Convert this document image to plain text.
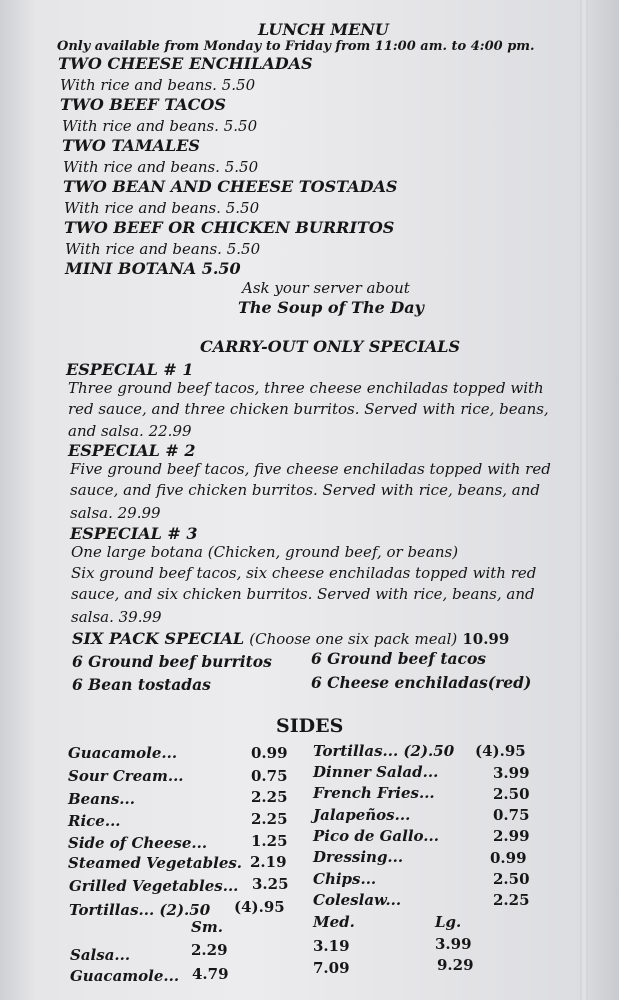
LUNCH MENU
Only available from Monday to Friday from 11:00 am. to 4:00 pm.
TWO CHEESE ENCHILADAS
With rice and beans. 5.50
TWO BEEF TACOS
With rice and beans. 5.50
TWO TAMALES
With rice and beans. 5.50
TWO BEAN AND CHEESE TOSTADAS
With rice and beans. 5.50
TWO BEEF OR CHICKEN BURRITOS
With rice and beans. 5.50
MINI BOTANA 5.50
Ask your server about
The Soup of The Day
CARRY-OUT ONLY SPECIALS
ESPECIAL # 1
Three ground beef tacos, three cheese enchiladas topped with
red sauce, and three chicken burritos. Served with rice, beans,
and salsa. 22.99
ESPECIAL # 2
Five ground beef tacos, five cheese enchiladas topped with red
sauce, and five chicken burritos. Served with rice, beans, and
salsa. 29.99
ESPECIAL # 3
One large botana (Chicken, ground beef, or beans)
Six ground beef tacos, six cheese enchiladas topped with red
sauce, and six chicken burritos. Served with rice, beans, and
salsa. 39.99
SIX PACK SPECIAL (Choose one six pack meal) 10.99
6 Ground beef burritos	6 Ground beef tacos
6 Bean tostadas	6 Cheese enchiladas(red)
SIDES
Guacamole...	0.99
Sour Cream...	0.75
Beans...	2.25
Rice...	2.25
Side of Cheese...	1.25
Steamed Vegetables. 2.19
Grilled Vegetables... 3.25
Tortillas... (2).50 (4).95
Tortillas... (2).50 (4).95
Dinner Salad...	3.99
French Fries...	2.50
Jalapeños...	0.75
Pico de Gallo...	2.99
Dressing...	0.99
Chips...	2.50
Coleslaw...	2.25
Sm.	Med.	Lg.
Salsa...	2.29	3.19	3.99
Guacamole... 4.79	7.09	9.29
